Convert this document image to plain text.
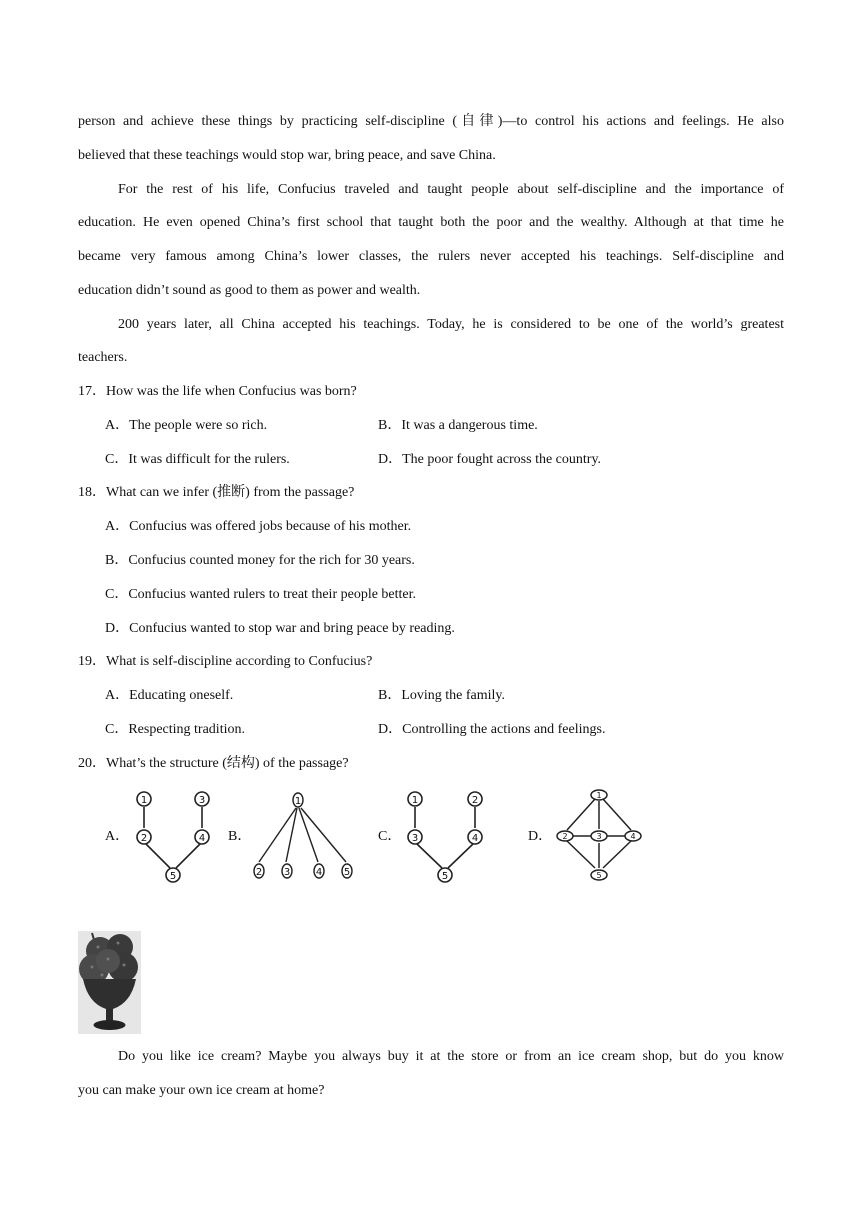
person and achieve these things by practicing self-discipline (自律)—to control his actions and feelings. He also
believed that these teachings would stop war, bring peace, and save China.
For the rest of his life, Confucius traveled and taught people about self-discipline and the importance of
education. He even opened China’s first school that taught both the poor and the wealthy. Although at that time he
became very famous among China’s lower classes, the rulers never accepted his teachings. Self-discipline and
education didn’t sound as good to them as power and wealth.
200 years later, all China accepted his teachings. Today, he is considered to be one of the world’s greatest
teachers.
17．How was the life when Confucius was born?
A．The people were so rich.	B．It was a dangerous time.
C．It was difficult for the rulers.	D．The poor fought across the country.
18．What can we infer (推断) from the passage?
A．Confucius was offered jobs because of his mother.
B．Confucius counted money for the rich for 30 years.
C．Confucius wanted rulers to treat their people better.
D．Confucius wanted to stop war and bring peace by reading.
19．What is self-discipline according to Confucius?
A．Educating oneself.	B．Loving the family.
C．Respecting tradition.	D．Controlling the actions and feelings.
20．What’s the structure (结构) of the passage?
A．	B．	C．	D．
1	3
2	4
5
1
2 3	4 5
1	2
3	4
5
1
2	3	4
5
Do you like ice cream? Maybe you always buy it at the store or from an ice cream shop, but do you know
you can make your own ice cream at home?
